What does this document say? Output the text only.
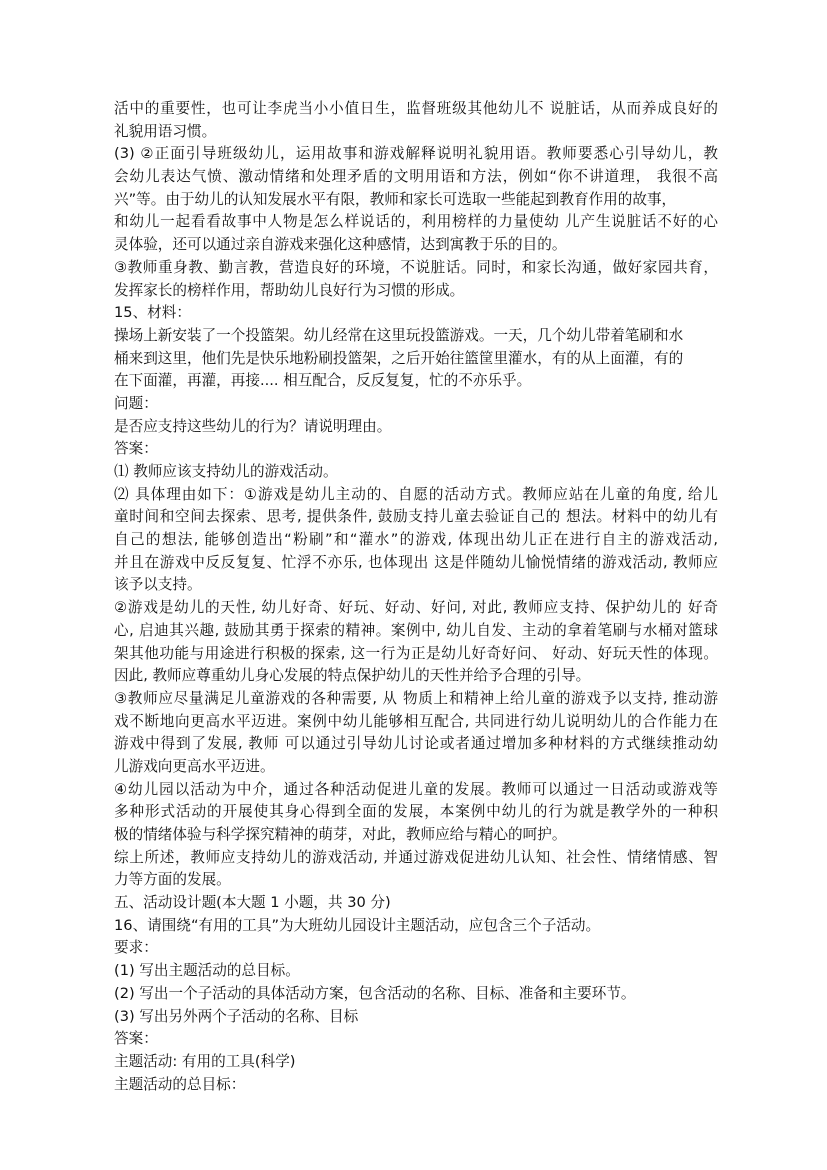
活中的重要性，也可让李虎当小小值日生，监督班级其他幼儿不 说脏话，从而养成良好的
礼貌用语习惯。
(3) ②正面引导班级幼儿，运用故事和游戏解释说明礼貌用语。教师要悉心引导幼儿，教
会幼儿表达气愤、激动情绪和处理矛盾的文明用语和方法，例如“你不讲道理， 我很不高
兴”等。由于幼儿的认知发展水平有限，教师和家长可选取一些能起到教育作用的故事，
和幼儿一起看看故事中人物是怎么样说话的，利用榜样的力量使幼 儿产生说脏话不好的心
灵体验，还可以通过亲自游戏来强化这种感情，达到寓教于乐的目的。
③教师重身教、勤言教，营造良好的环境，不说脏话。同时，和家长沟通，做好家园共育，
发挥家长的榜样作用，帮助幼儿良好行为习惯的形成。
15、材料：
操场上新安装了一个投篮架。幼儿经常在这里玩投篮游戏。一天，几个幼儿带着笔刷和水
桶来到这里，他们先是快乐地粉刷投篮架，之后开始往篮筐里灌水，有的从上面灌，有的
在下面灌，再灌，再接.... 相互配合，反反复复，忙的不亦乐乎。
问题：
是否应支持这些幼儿的行为？请说明理由。
答案：
⑴ 教师应该支持幼儿的游戏活动。
⑵ 具体理由如下：①游戏是幼儿主动的、自愿的活动方式。教师应站在儿童的角度, 给儿
童时间和空间去探索、思考, 提供条件, 鼓励支持儿童去验证自己的 想法。材料中的幼儿有
自己的想法, 能够创造出“粉刷”和“灌水”的游戏, 体现出幼儿正在进行自主的游戏活动,
并且在游戏中反反复复、忙浮不亦乐, 也体现出 这是伴随幼儿愉悦情绪的游戏活动, 教师应
该予以支持。
②游戏是幼儿的天性, 幼儿好奇、好玩、好动、好问, 对此, 教师应支持、保护幼儿的 好奇
心, 启迪其兴趣, 鼓励其勇于探索的精神。案例中, 幼儿自发、主动的拿着笔刷与水桶对篮球
架其他功能与用途进行积极的探索, 这一行为正是幼儿好奇好问、 好动、好玩天性的体现。
因此, 教师应尊重幼儿身心发展的特点保护幼儿的天性并给予合理的引导。
③教师应尽量满足儿童游戏的各种需要, 从 物质上和精神上给儿童的游戏予以支持, 推动游
戏不断地向更高水平迈进。案例中幼儿能够相互配合, 共同进行幼儿说明幼儿的合作能力在
游戏中得到了发展, 教师 可以通过引导幼儿讨论或者通过增加多种材料的方式继续推动幼
儿游戏向更高水平迈进。
④幼儿园以活动为中介，通过各种活动促进儿童的发展。教师可以通过一日活动或游戏等
多种形式活动的开展使其身心得到全面的发展，本案例中幼儿的行为就是教学外的一种积
极的情绪体验与科学探究精神的萌芽，对此，教师应给与精心的呵护。
综上所述，教师应支持幼儿的游戏活动, 并通过游戏促进幼儿认知、社会性、情绪情感、智
力等方面的发展。
五、活动设计题(本大题 1 小题，共 30 分)
16、请围绕“有用的工具”为大班幼儿园设计主题活动，应包含三个子活动。
要求：
(1) 写出主题活动的总目标。
(2) 写出一个子活动的具体活动方案，包含活动的名称、目标、准备和主要环节。
(3) 写出另外两个子活动的名称、目标
答案：
主题活动: 有用的工具(科学)
主题活动的总目标：
